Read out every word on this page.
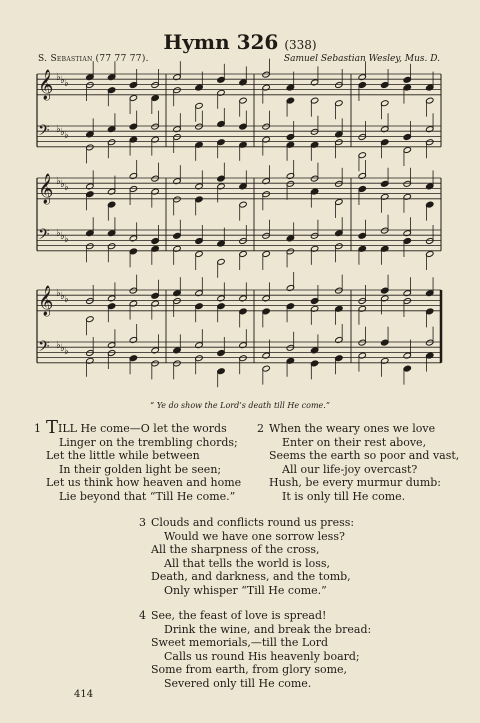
Hymn 326 (338)
S. Sebastian (77 77 77).	Samuel Sebastian Wesley, Mus. D.
𝄞 ♭ ♭ ♭
𝄢 ♭ ♭ ♭
𝄞 ♭ ♭ ♭
𝄢 ♭ ♭ ♭
𝄞 ♭ ♭ ♭
𝄢 ♭ ♭ ♭
“ Ye do show the Lord’s death till He come.”
1 TILL He come—O let the words
Linger on the trembling chords;
Let the little while between
In their golden light be seen;
Let us think how heaven and home
Lie beyond that “Till He come.”
2 When the weary ones we love
Enter on their rest above,
Seems the earth so poor and vast,
All our life-joy overcast?
Hush, be every murmur dumb:
It is only till He come.
3 Clouds and conflicts round us press:
Would we have one sorrow less?
All the sharpness of the cross,
All that tells the world is loss,
Death, and darkness, and the tomb,
Only whisper “Till He come.”
4 See, the feast of love is spread!
Drink the wine, and break the bread:
Sweet memorials,—till the Lord
Calls us round His heavenly board;
Some from earth, from glory some,
Severed only till He come.
414
